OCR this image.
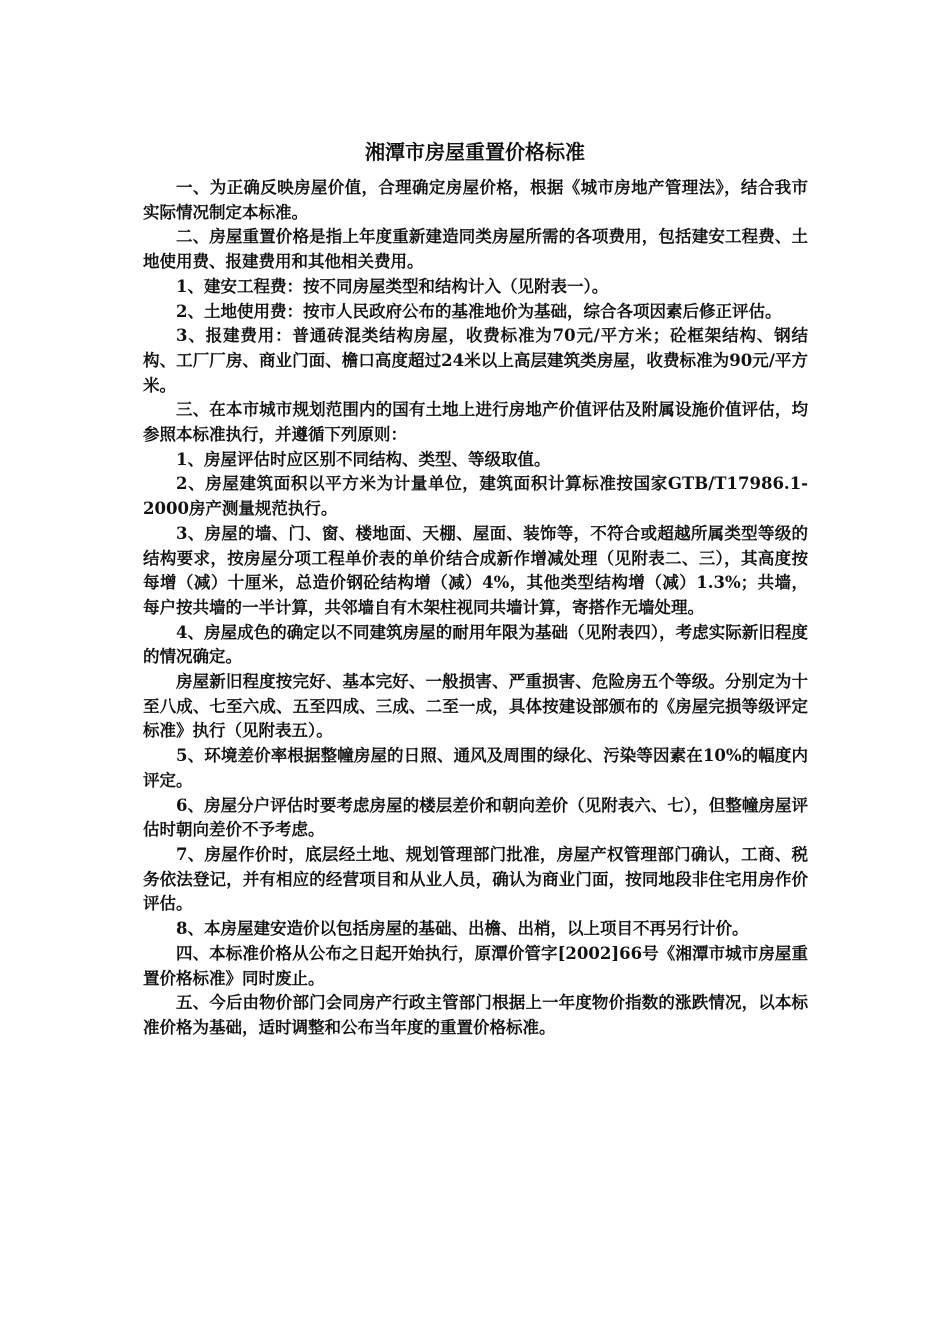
湘潭市房屋重置价格标准

一、为正确反映房屋价值，合理确定房屋价格，根据《城市房地产管理法》，结合我市实际情况制定本标准。

二、房屋重置价格是指上年度重新建造同类房屋所需的各项费用，包括建安工程费、土地使用费、报建费用和其他相关费用。

1、建安工程费：按不同房屋类型和结构计入（见附表一）。

2、土地使用费：按市人民政府公布的基准地价为基础，综合各项因素后修正评估。

3、报建费用：普通砖混类结构房屋，收费标准为70元/平方米；砼框架结构、钢结构、工厂厂房、商业门面、檐口高度超过24米以上高层建筑类房屋，收费标准为90元/平方米。

三、在本市城市规划范围内的国有土地上进行房地产价值评估及附属设施价值评估，均参照本标准执行，并遵循下列原则：

1、房屋评估时应区别不同结构、类型、等级取值。

2、房屋建筑面积以平方米为计量单位，建筑面积计算标准按国家GTB/T17986.1-2000房产测量规范执行。

3、房屋的墙、门、窗、楼地面、天棚、屋面、装饰等，不符合或超越所属类型等级的结构要求，按房屋分项工程单价表的单价结合成新作增减处理（见附表二、三），其高度按每增（减）十厘米，总造价钢砼结构增（减）4%，其他类型结构增（减）1.3%；共墙，每户按共墙的一半计算，共邻墙自有木架柱视同共墙计算，寄搭作无墙处理。

4、房屋成色的确定以不同建筑房屋的耐用年限为基础（见附表四），考虑实际新旧程度的情况确定。

房屋新旧程度按完好、基本完好、一般损害、严重损害、危险房五个等级。分别定为十至八成、七至六成、五至四成、三成、二至一成，具体按建设部颁布的《房屋完损等级评定标准》执行（见附表五）。

5、环境差价率根据整幢房屋的日照、通风及周围的绿化、污染等因素在10%的幅度内评定。

6、房屋分户评估时要考虑房屋的楼层差价和朝向差价（见附表六、七），但整幢房屋评估时朝向差价不予考虑。

7、房屋作价时，底层经土地、规划管理部门批准，房屋产权管理部门确认，工商、税务依法登记，并有相应的经营项目和从业人员，确认为商业门面，按同地段非住宅用房作价评估。

8、本房屋建安造价以包括房屋的基础、出檐、出梢，以上项目不再另行计价。

四、本标准价格从公布之日起开始执行，原潭价管字[2002]66号《湘潭市城市房屋重置价格标准》同时废止。

五、今后由物价部门会同房产行政主管部门根据上一年度物价指数的涨跌情况，以本标准价格为基础，适时调整和公布当年度的重置价格标准。
